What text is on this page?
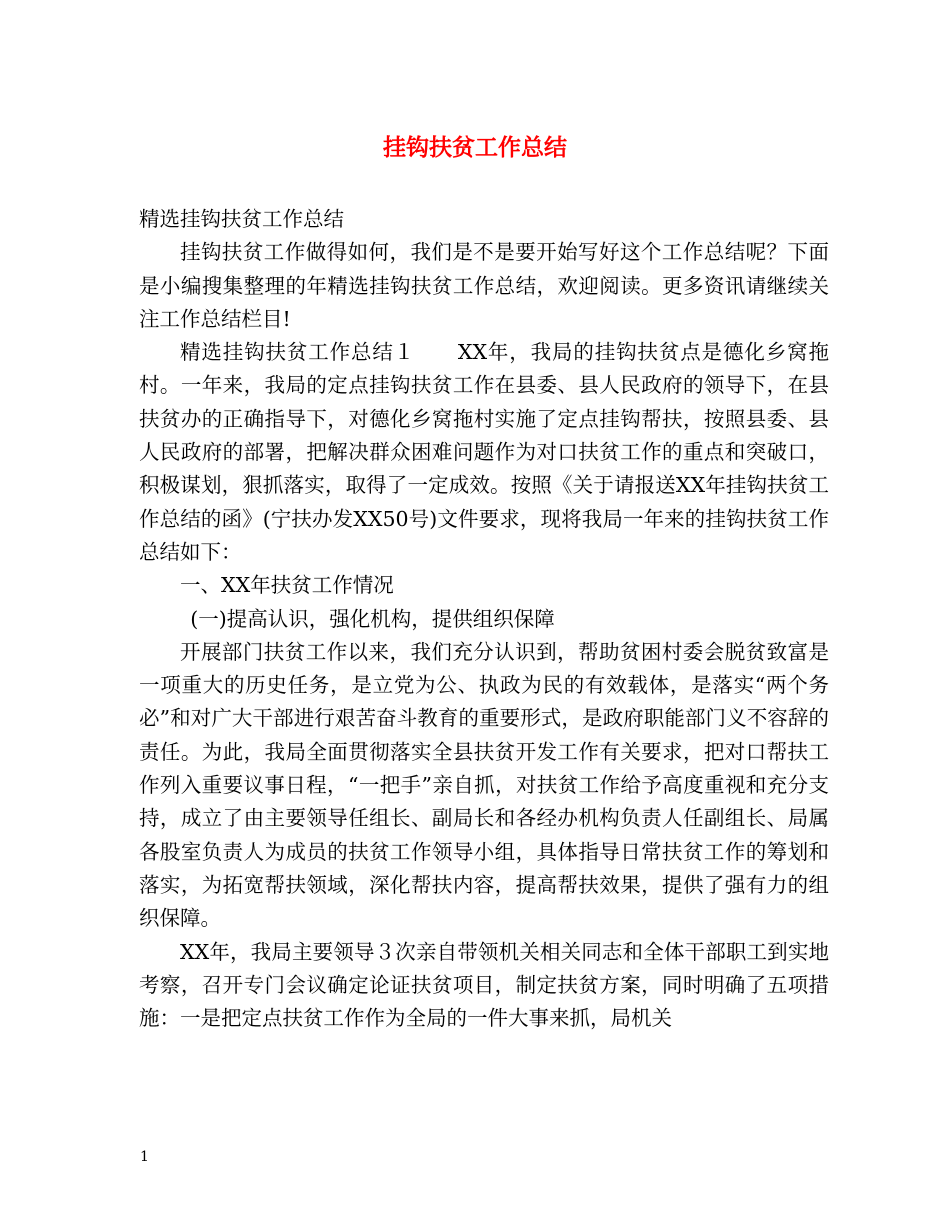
挂钩扶贫工作总结

精选挂钩扶贫工作总结

挂钩扶贫工作做得如何，我们是不是要开始写好这个工作总结呢？下面是小编搜集整理的年精选挂钩扶贫工作总结，欢迎阅读。更多资讯请继续关注工作总结栏目!

精选挂钩扶贫工作总结１　　XX年，我局的挂钩扶贫点是德化乡窝拖村。一年来，我局的定点挂钩扶贫工作在县委、县人民政府的领导下，在县扶贫办的正确指导下，对德化乡窝拖村实施了定点挂钩帮扶，按照县委、县人民政府的部署，把解决群众困难问题作为对口扶贫工作的重点和突破口，积极谋划，狠抓落实，取得了一定成效。按照《关于请报送XX年挂钩扶贫工作总结的函》(宁扶办发XX50号)文件要求，现将我局一年来的挂钩扶贫工作总结如下：

一、XX年扶贫工作情况

(一)提高认识，强化机构，提供组织保障

开展部门扶贫工作以来，我们充分认识到，帮助贫困村委会脱贫致富是一项重大的历史任务，是立党为公、执政为民的有效载体，是落实“两个务必”和对广大干部进行艰苦奋斗教育的重要形式，是政府职能部门义不容辞的责任。为此，我局全面贯彻落实全县扶贫开发工作有关要求，把对口帮扶工作列入重要议事日程，“一把手”亲自抓，对扶贫工作给予高度重视和充分支持，成立了由主要领导任组长、副局长和各经办机构负责人任副组长、局属各股室负责人为成员的扶贫工作领导小组，具体指导日常扶贫工作的筹划和落实，为拓宽帮扶领域，深化帮扶内容，提高帮扶效果，提供了强有力的组织保障。

XX年，我局主要领导３次亲自带领机关相关同志和全体干部职工到实地考察，召开专门会议确定论证扶贫项目，制定扶贫方案，同时明确了五项措施：一是把定点扶贫工作作为全局的一件大事来抓，局机关

1
